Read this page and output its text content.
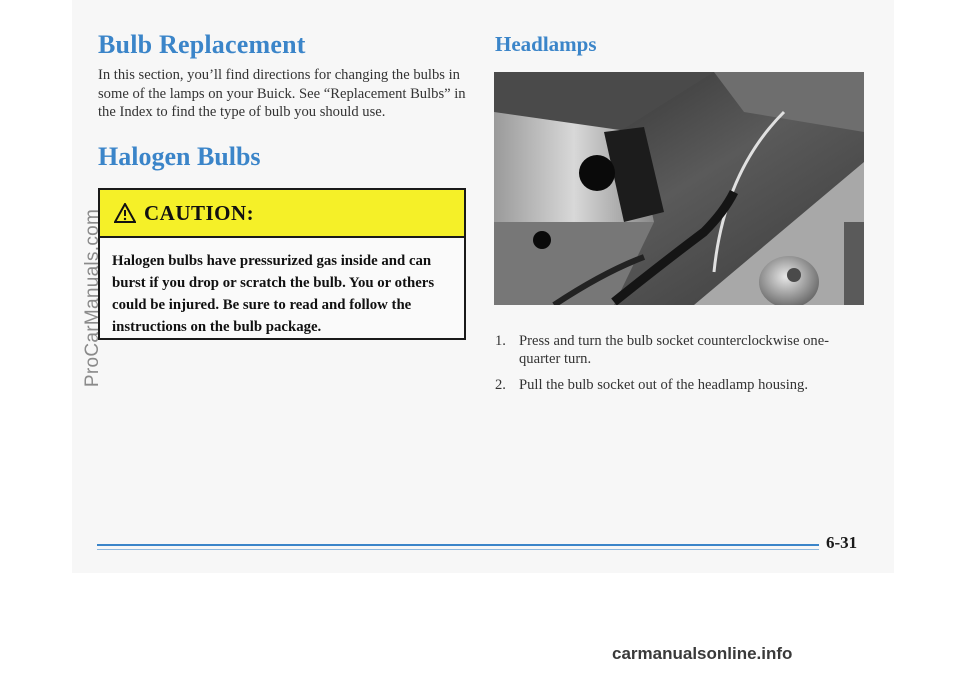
Bulb Replacement

In this section, you’ll find directions for changing the bulbs in some of the lamps on your Buick. See “Replacement Bulbs” in the Index to find the type of bulb you should use.

Halogen Bulbs
CAUTION:

Halogen bulbs have pressurized gas inside and can burst if you drop or scratch the bulb. You or others could be injured. Be sure to read and follow the instructions on the bulb package.

Headlamps
1. Press and turn the bulb socket counterclockwise one-quarter turn.
2. Pull the bulb socket out of the headlamp housing.

6-31

ProCarManuals.com

carmanualsonline.info
